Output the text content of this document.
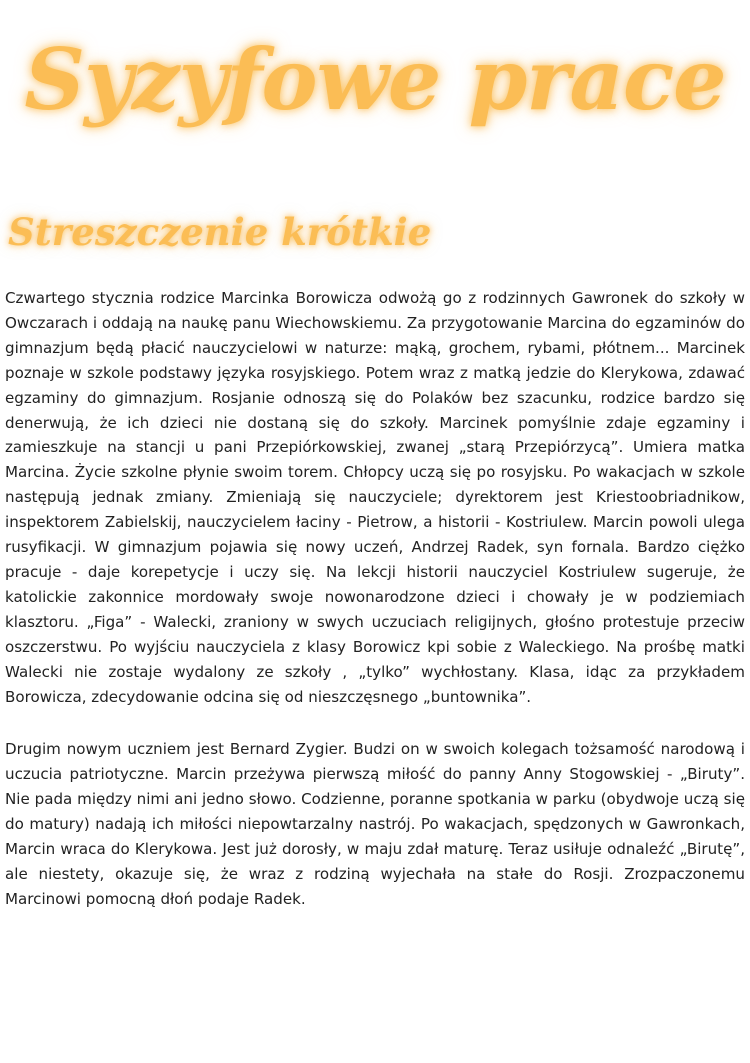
Syzyfowe prace
Streszczenie krótkie

Czwartego stycznia rodzice Marcinka Borowicza odwożą go z rodzinnych Gawronek do szkoły w Owczarach i oddają na naukę panu Wiechowskiemu. Za przygotowanie Marcina do egzaminów do gimnazjum będą płacić nauczycielowi w naturze: mąką, grochem, rybami, płótnem... Marcinek poznaje w szkole podstawy języka rosyjskiego. Potem wraz z matką jedzie do Klerykowa, zdawać egzaminy do gimnazjum. Rosjanie odnoszą się do Polaków bez szacunku, rodzice bardzo się denerwują, że ich dzieci nie dostaną się do szkoły. Marcinek pomyślnie zdaje egzaminy i zamieszkuje na stancji u pani Przepiórkowskiej, zwanej „starą Przepiórzycą”. Umiera matka Marcina. Życie szkolne płynie swoim torem. Chłopcy uczą się po rosyjsku. Po wakacjach w szkole następują jednak zmiany. Zmieniają się nauczyciele; dyrektorem jest Kriestoobriadnikow, inspektorem Zabielskij, nauczycielem łaciny - Pietrow, a historii - Kostriulew. Marcin powoli ulega rusyfikacji. W gimnazjum pojawia się nowy uczeń, Andrzej Radek, syn fornala. Bardzo ciężko pracuje - daje korepetycje i uczy się. Na lekcji historii nauczyciel Kostriulew sugeruje, że katolickie zakonnice mordowały swoje nowonarodzone dzieci i chowały je w podziemiach klasztoru. „Figa” - Walecki, zraniony w swych uczuciach religijnych, głośno protestuje przeciw oszczerstwu. Po wyjściu nauczyciela z klasy Borowicz kpi sobie z Waleckiego. Na prośbę matki Walecki nie zostaje wydalony ze szkoły , „tylko” wychłostany. Klasa, idąc za przykładem Borowicza, zdecydowanie odcina się od nieszczęsnego „buntownika”.

Drugim nowym uczniem jest Bernard Zygier. Budzi on w swoich kolegach tożsamość narodową i uczucia patriotyczne. Marcin przeżywa pierwszą miłość do panny Anny Stogowskiej - „Biruty”. Nie pada między nimi ani jedno słowo. Codzienne, poranne spotkania w parku (obydwoje uczą się do matury) nadają ich miłości niepowtarzalny nastrój. Po wakacjach, spędzonych w Gawronkach, Marcin wraca do Klerykowa. Jest już dorosły, w maju zdał maturę. Teraz usiłuje odnaleźć „Birutę”, ale niestety, okazuje się, że wraz z rodziną wyjechała na stałe do Rosji. Zrozpaczonemu Marcinowi pomocną dłoń podaje Radek.
